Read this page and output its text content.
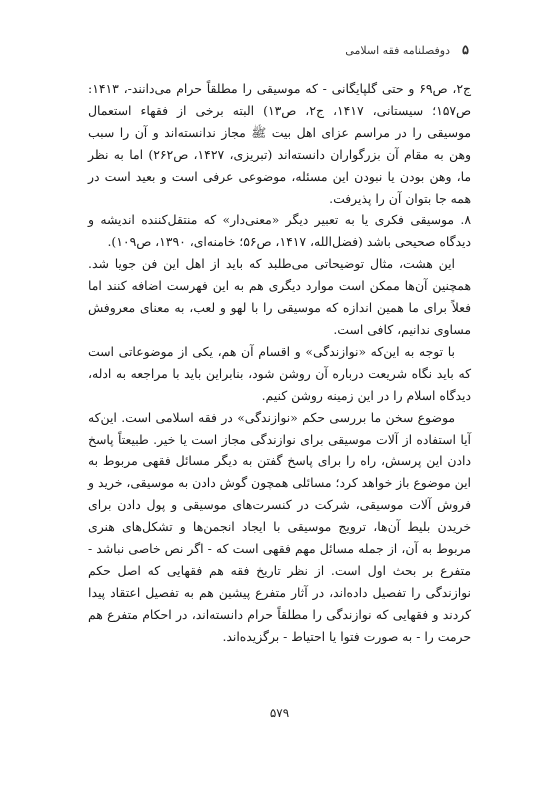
۵
دوفصلنامه فقه اسلامی

ج۲، ص۶۹ و حتی گلپایگانی - که موسیقی را مطلقاً حرام می‌دانند-، ۱۴۱۳: ص۱۵۷؛ سیستانی، ۱۴۱۷، ج۲، ص۱۳) البته برخی از فقهاء استعمال موسیقی را در مراسم عزای اهل بیت ﷺ مجاز ندانسته‌اند و آن را سبب وهن به مقام آن بزرگواران دانسته‌اند (تبریزی، ۱۴۲۷، ص۲۶۲) اما به نظر ما، وهن بودن یا نبودن این مسئله، موضوعی عرفی است و بعید است در همه جا بتوان آن را پذیرفت.

۸. موسیقی فکری یا به تعبیر دیگر «معنی‌دار» که منتقل‌کننده اندیشه و دیدگاه صحیحی باشد (فضل‌الله، ۱۴۱۷، ص۵۶؛ خامنه‌ای، ۱۳۹۰، ص۱۰۹).

این هشت، مثال توضیحاتی می‌طلبد که باید از اهل این فن جویا شد. همچنین آن‌ها ممکن است موارد دیگری هم به این فهرست اضافه کنند اما فعلاً برای ما همین اندازه که موسیقی را با لهو و لعب، به معنای معروفش مساوی ندانیم، کافی است.

با توجه به این‌که «نوازندگی» و اقسام آن هم، یکی از موضوعاتی است که باید نگاه شریعت درباره آن روشن شود، بنابراین باید با مراجعه به ادله، دیدگاه اسلام را در این زمینه روشن کنیم.

موضوع سخن ما بررسی حکم «نوازندگی» در فقه اسلامی است. این‌که آیا استفاده از آلات موسیقی برای نوازندگی مجاز است یا خیر. طبیعتاً پاسخ دادن این پرسش، راه را برای پاسخ گفتن به دیگر مسائل فقهی مربوط به این موضوع باز خواهد کرد؛ مسائلی همچون گوش دادن به موسیقی، خرید و فروش آلات موسیقی، شرکت در کنسرت‌های موسیقی و پول دادن برای خریدن بلیط آن‌ها، ترویج موسیقی با ایجاد انجمن‌ها و تشکل‌های هنری مربوط به آن، از جمله مسائل مهم فقهی است که - اگر نص خاصی نباشد - متفرع بر بحث اول است. از نظر تاریخ فقه هم فقهایی که اصل حکم نوازندگی را تفصیل داده‌اند، در آثار متفرع پیشین هم به تفصیل اعتقاد پیدا کردند و فقهایی که نوازندگی را مطلقاً حرام دانسته‌اند، در احکام متفرع هم حرمت را - به صورت فتوا یا احتیاط - برگزیده‌اند.

۵۷۹
